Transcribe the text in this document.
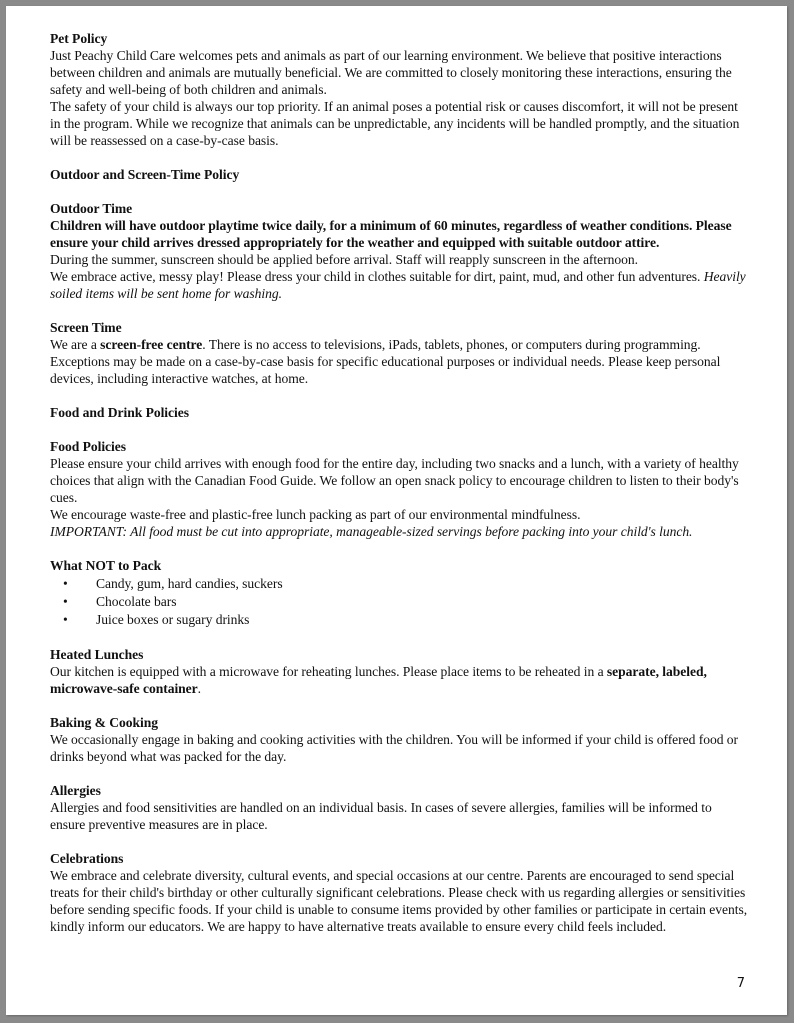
Pet Policy

Just Peachy Child Care welcomes pets and animals as part of our learning environment. We believe that positive interactions between children and animals are mutually beneficial. We are committed to closely monitoring these interactions, ensuring the safety and well-being of both children and animals.

The safety of your child is always our top priority. If an animal poses a potential risk or causes discomfort, it will not be present in the program. While we recognize that animals can be unpredictable, any incidents will be handled promptly, and the situation will be reassessed on a case-by-case basis.

Outdoor and Screen-Time Policy

Outdoor Time

Children will have outdoor playtime twice daily, for a minimum of 60 minutes, regardless of weather conditions. Please ensure your child arrives dressed appropriately for the weather and equipped with suitable outdoor attire.

During the summer, sunscreen should be applied before arrival. Staff will reapply sunscreen in the afternoon.

We embrace active, messy play! Please dress your child in clothes suitable for dirt, paint, mud, and other fun adventures. Heavily soiled items will be sent home for washing.

Screen Time

We are a screen-free centre. There is no access to televisions, iPads, tablets, phones, or computers during programming. Exceptions may be made on a case-by-case basis for specific educational purposes or individual needs. Please keep personal devices, including interactive watches, at home.

Food and Drink Policies

Food Policies

Please ensure your child arrives with enough food for the entire day, including two snacks and a lunch, with a variety of healthy choices that align with the Canadian Food Guide. We follow an open snack policy to encourage children to listen to their body's cues.

We encourage waste-free and plastic-free lunch packing as part of our environmental mindfulness.

IMPORTANT: All food must be cut into appropriate, manageable-sized servings before packing into your child's lunch.

What NOT to Pack

• Candy, gum, hard candies, suckers
• Chocolate bars
• Juice boxes or sugary drinks

Heated Lunches

Our kitchen is equipped with a microwave for reheating lunches. Please place items to be reheated in a separate, labeled, microwave-safe container.

Baking & Cooking

We occasionally engage in baking and cooking activities with the children. You will be informed if your child is offered food or drinks beyond what was packed for the day.

Allergies

Allergies and food sensitivities are handled on an individual basis. In cases of severe allergies, families will be informed to ensure preventive measures are in place.

Celebrations

We embrace and celebrate diversity, cultural events, and special occasions at our centre. Parents are encouraged to send special treats for their child's birthday or other culturally significant celebrations. Please check with us regarding allergies or sensitivities before sending specific foods. If your child is unable to consume items provided by other families or participate in certain events, kindly inform our educators. We are happy to have alternative treats available to ensure every child feels included.

7
